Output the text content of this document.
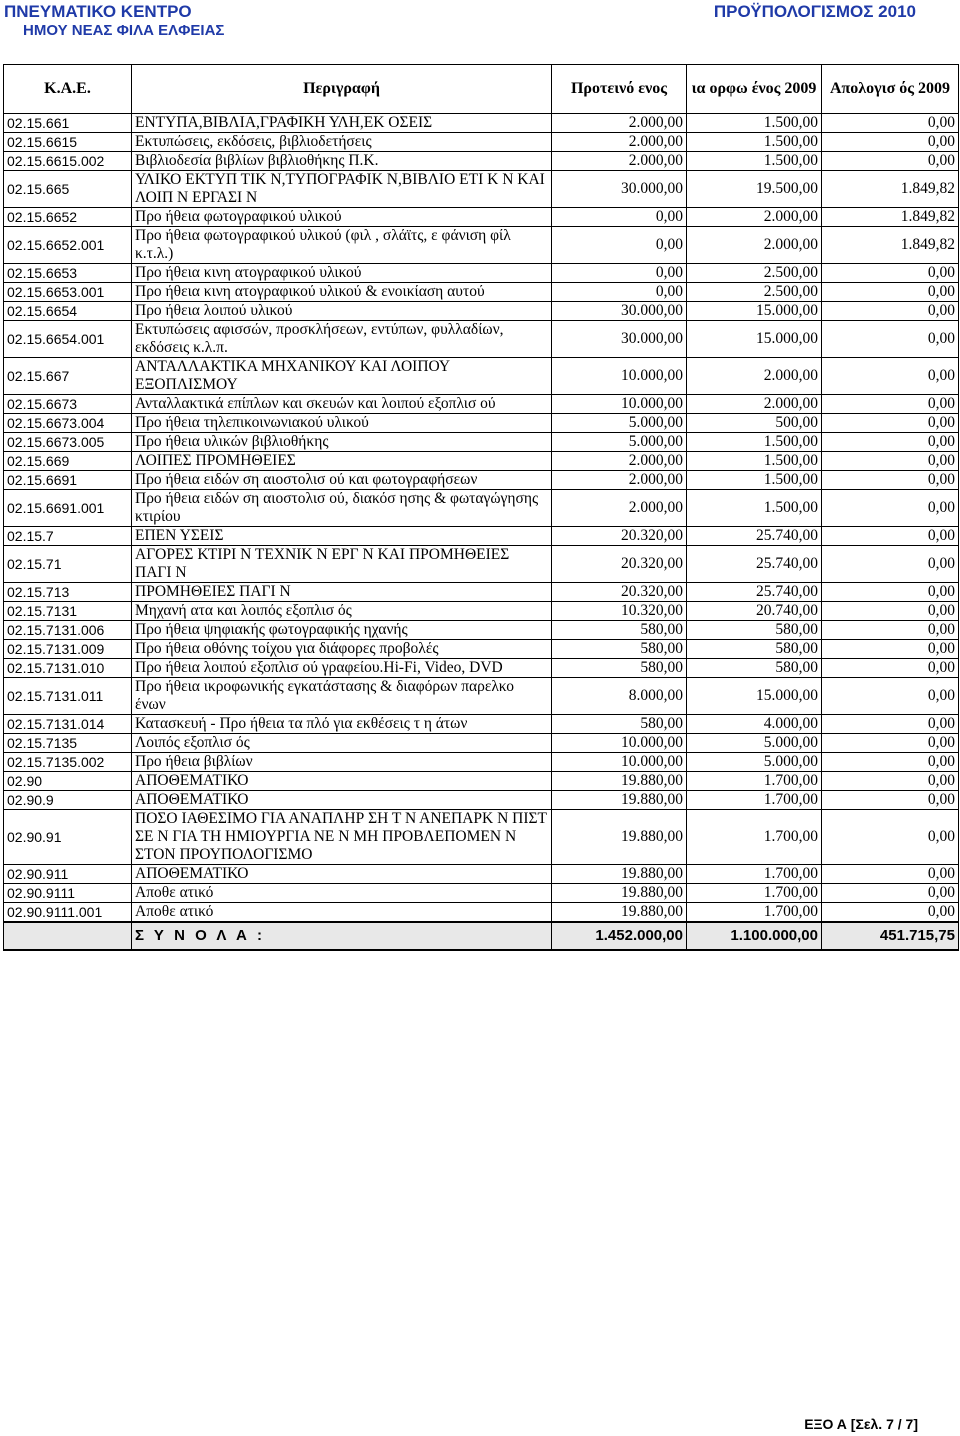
ΠΝΕΥΜΑΤΙΚΟ ΚΕΝΤΡΟ
ΗΜΟΥ ΝΕΑΣ ΦΙΛΑ ΕΛΦΕΙΑΣ
ΠΡΟΫΠΟΛΟΓΙΣΜΟΣ 2010
Κ.Α.Ε.	Περιγραφή	Προτεινό ενος	ια ορφω ένος 2009	Απολογισ ός 2009
02.15.661	ΕΝΤΥΠΑ,ΒΙΒΛΙΑ,ΓΡΑΦΙΚΗ ΥΛΗ,ΕΚ ΟΣΕΙΣ	2.000,00	1.500,00	0,00
02.15.6615	Εκτυπώσεις, εκδόσεις, βιβλιοδετήσεις	2.000,00	1.500,00	0,00
02.15.6615.002	Βιβλιοδεσία βιβλίων βιβλιοθήκης Π.Κ.	2.000,00	1.500,00	0,00
02.15.665	ΥΛΙΚΟ ΕΚΤΥΠ ΤΙΚ Ν,ΤΥΠΟΓΡΑΦΙΚ Ν,ΒΙΒΛΙΟ ΕΤΙ Κ Ν ΚΑΙ ΛΟΙΠ Ν ΕΡΓΑΣΙ Ν	30.000,00	19.500,00	1.849,82
02.15.6652	Προ ήθεια φωτογραφικού υλικού	0,00	2.000,00	1.849,82
02.15.6652.001	Προ ήθεια φωτογραφικού υλικού (φιλ , σλάϊτς, ε φάνιση φίλ κ.τ.λ.)	0,00	2.000,00	1.849,82
02.15.6653	Προ ήθεια κινη ατογραφικού υλικού	0,00	2.500,00	0,00
02.15.6653.001	Προ ήθεια κινη ατογραφικού υλικού & ενοικίαση αυτού	0,00	2.500,00	0,00
02.15.6654	Προ ήθεια λοιπού υλικού	30.000,00	15.000,00	0,00
02.15.6654.001	Εκτυπώσεις αφισσών, προσκλήσεων, εντύπων, φυλλαδίων, εκδόσεις κ.λ.π.	30.000,00	15.000,00	0,00
02.15.667	ΑΝΤΑΛΛΑΚΤΙΚΑ ΜΗΧΑΝΙΚΟΥ ΚΑΙ ΛΟΙΠΟΥ ΕΞΟΠΛΙΣΜΟΥ	10.000,00	2.000,00	0,00
02.15.6673	Ανταλλακτικά επίπλων και σκευών και λοιπού εξοπλισ ού	10.000,00	2.000,00	0,00
02.15.6673.004	Προ ήθεια τηλεπικοινωνιακού υλικού	5.000,00	500,00	0,00
02.15.6673.005	Προ ήθεια υλικών βιβλιοθήκης	5.000,00	1.500,00	0,00
02.15.669	ΛΟΙΠΕΣ ΠΡΟΜΗΘΕΙΕΣ	2.000,00	1.500,00	0,00
02.15.6691	Προ ήθεια ειδών ση αιοστολισ ού και φωτογραφήσεων	2.000,00	1.500,00	0,00
02.15.6691.001	Προ ήθεια ειδών ση αιοστολισ ού, διακόσ ησης & φωταγώγησης κτιρίου	2.000,00	1.500,00	0,00
02.15.7	ΕΠΕΝ ΥΣΕΙΣ	20.320,00	25.740,00	0,00
02.15.71	ΑΓΟΡΕΣ ΚΤΙΡΙ Ν ΤΕΧΝΙΚ Ν ΕΡΓ Ν ΚΑΙ ΠΡΟΜΗΘΕΙΕΣ ΠΑΓΙ Ν	20.320,00	25.740,00	0,00
02.15.713	ΠΡΟΜΗΘΕΙΕΣ ΠΑΓΙ Ν	20.320,00	25.740,00	0,00
02.15.7131	Μηχανή ατα και λοιπός εξοπλισ ός	10.320,00	20.740,00	0,00
02.15.7131.006	Προ ήθεια ψηφιακής φωτογραφικής ηχανής	580,00	580,00	0,00
02.15.7131.009	Προ ήθεια οθόνης τοίχου για διάφορες προβολές	580,00	580,00	0,00
02.15.7131.010	Προ ήθεια λοιπού εξοπλισ ού γραφείου.Hi-Fi, Video, DVD	580,00	580,00	0,00
02.15.7131.011	Προ ήθεια ικροφωνικής εγκατάστασης & διαφόρων παρελκο ένων	8.000,00	15.000,00	0,00
02.15.7131.014	Κατασκευή - Προ ήθεια τα πλό για εκθέσεις τ η άτων	580,00	4.000,00	0,00
02.15.7135	Λοιπός εξοπλισ ός	10.000,00	5.000,00	0,00
02.15.7135.002	Προ ήθεια βιβλίων	10.000,00	5.000,00	0,00
02.90	ΑΠΟΘΕΜΑΤΙΚΟ	19.880,00	1.700,00	0,00
02.90.9	ΑΠΟΘΕΜΑΤΙΚΟ	19.880,00	1.700,00	0,00
02.90.91	ΠΟΣΟ ΙΑΘΕΣΙΜΟ ΓΙΑ ΑΝΑΠΛΗΡ ΣΗ Τ Ν ΑΝΕΠΑΡΚ Ν ΠΙΣΤ ΣΕ Ν ΓΙΑ ΤΗ ΗΜΙΟΥΡΓΙΑ ΝΕ Ν ΜΗ ΠΡΟΒΛΕΠΟΜΕΝ Ν ΣΤΟΝ ΠΡΟΥΠΟΛΟΓΙΣΜΟ	19.880,00	1.700,00	0,00
02.90.911	ΑΠΟΘΕΜΑΤΙΚΟ	19.880,00	1.700,00	0,00
02.90.9111	Αποθε ατικό	19.880,00	1.700,00	0,00
02.90.9111.001	Αποθε ατικό	19.880,00	1.700,00	0,00
	Σ Υ Ν Ο Λ Α :	1.452.000,00	1.100.000,00	451.715,75
ΕΞΟ Α [Σελ. 7 / 7]
